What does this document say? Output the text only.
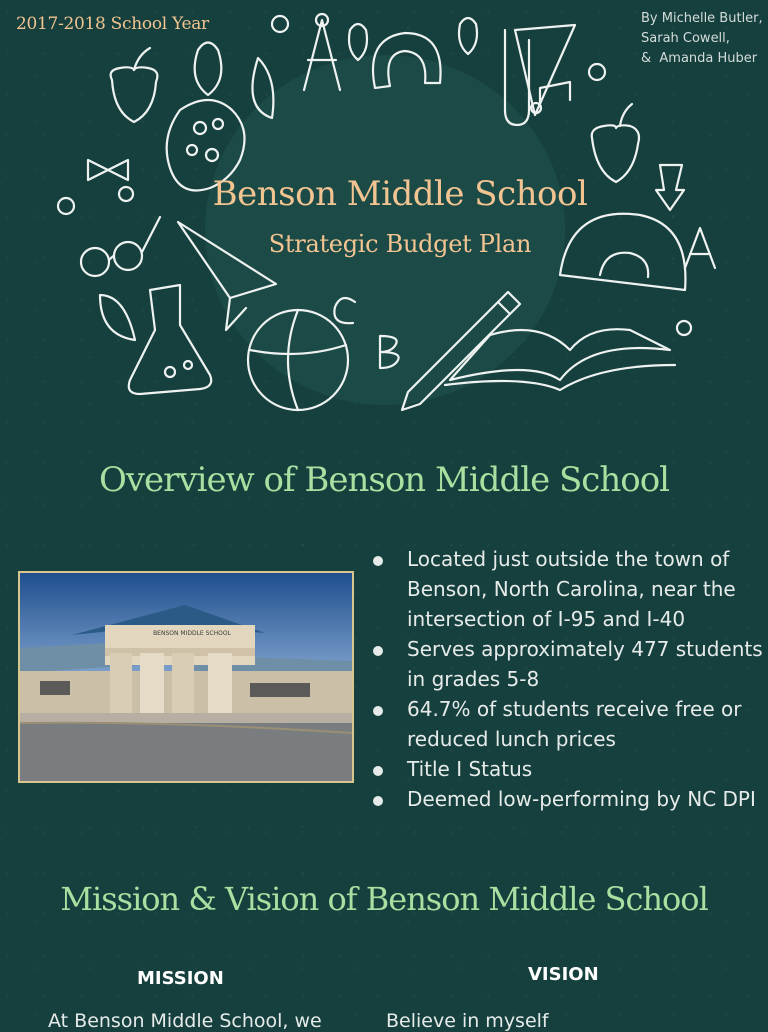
2017-2018 School Year	By Michelle Butler,
Sarah Cowell,
&  Amanda Huber
Benson Middle School
Strategic Budget Plan
Overview of Benson Middle School
BENSON MIDDLE SCHOOL
Located just outside the town of Benson, North Carolina, near the intersection of I-95 and I-40
Serves approximately 477 students in grades 5-8
64.7% of students receive free or reduced lunch prices
Title I Status
Deemed low-performing by NC DPI
Mission & Vision of Benson Middle School
MISSION	VISION
At Benson Middle School, we	Believe in myself
